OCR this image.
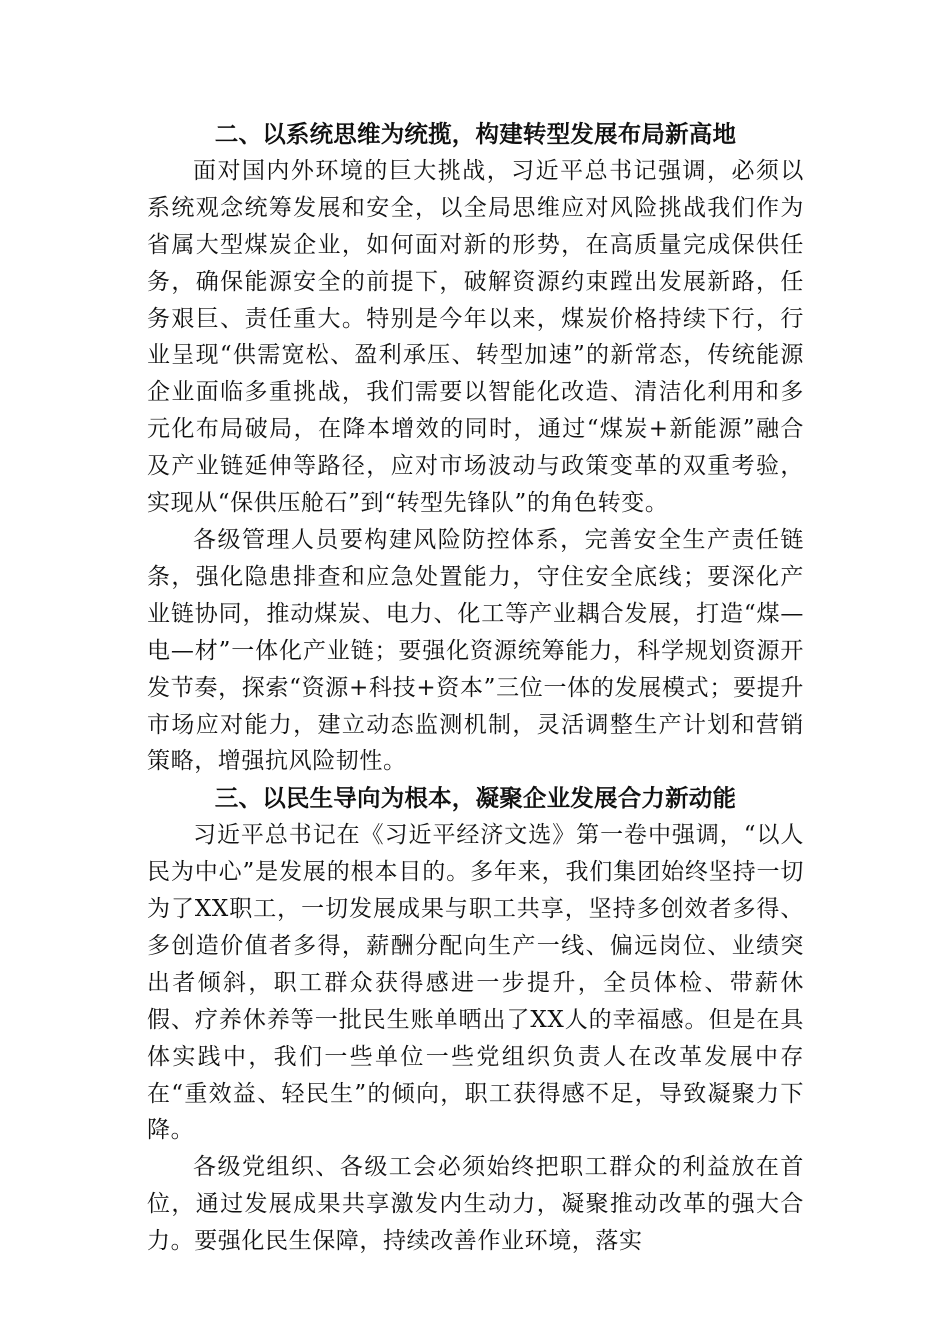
二、以系统思维为统揽，构建转型发展布局新高地

面对国内外环境的巨大挑战，习近平总书记强调，必须以系统观念统筹发展和安全，以全局思维应对风险挑战我们作为省属大型煤炭企业，如何面对新的形势，在高质量完成保供任务，确保能源安全的前提下，破解资源约束蹚出发展新路，任务艰巨、责任重大。特别是今年以来，煤炭价格持续下行，行业呈现“供需宽松、盈利承压、转型加速”的新常态，传统能源企业面临多重挑战，我们需要以智能化改造、清洁化利用和多元化布局破局，在降本增效的同时，通过“煤炭+新能源”融合及产业链延伸等路径，应对市场波动与政策变革的双重考验，实现从“保供压舱石”到“转型先锋队”的角色转变。

各级管理人员要构建风险防控体系，完善安全生产责任链条，强化隐患排查和应急处置能力，守住安全底线；要深化产业链协同，推动煤炭、电力、化工等产业耦合发展，打造“煤—电—材”一体化产业链；要强化资源统筹能力，科学规划资源开发节奏，探索“资源+科技+资本”三位一体的发展模式；要提升市场应对能力，建立动态监测机制，灵活调整生产计划和营销策略，增强抗风险韧性。

三、以民生导向为根本，凝聚企业发展合力新动能

习近平总书记在《习近平经济文选》第一卷中强调，“以人民为中心”是发展的根本目的。多年来，我们集团始终坚持一切为了XX职工，一切发展成果与职工共享，坚持多创效者多得、多创造价值者多得，薪酬分配向生产一线、偏远岗位、业绩突出者倾斜，职工群众获得感进一步提升，全员体检、带薪休假、疗养休养等一批民生账单晒出了XX人的幸福感。但是在具体实践中，我们一些单位一些党组织负责人在改革发展中存在“重效益、轻民生”的倾向，职工获得感不足，导致凝聚力下降。

各级党组织、各级工会必须始终把职工群众的利益放在首位，通过发展成果共享激发内生动力，凝聚推动改革的强大合力。要强化民生保障，持续改善作业环境，落实
